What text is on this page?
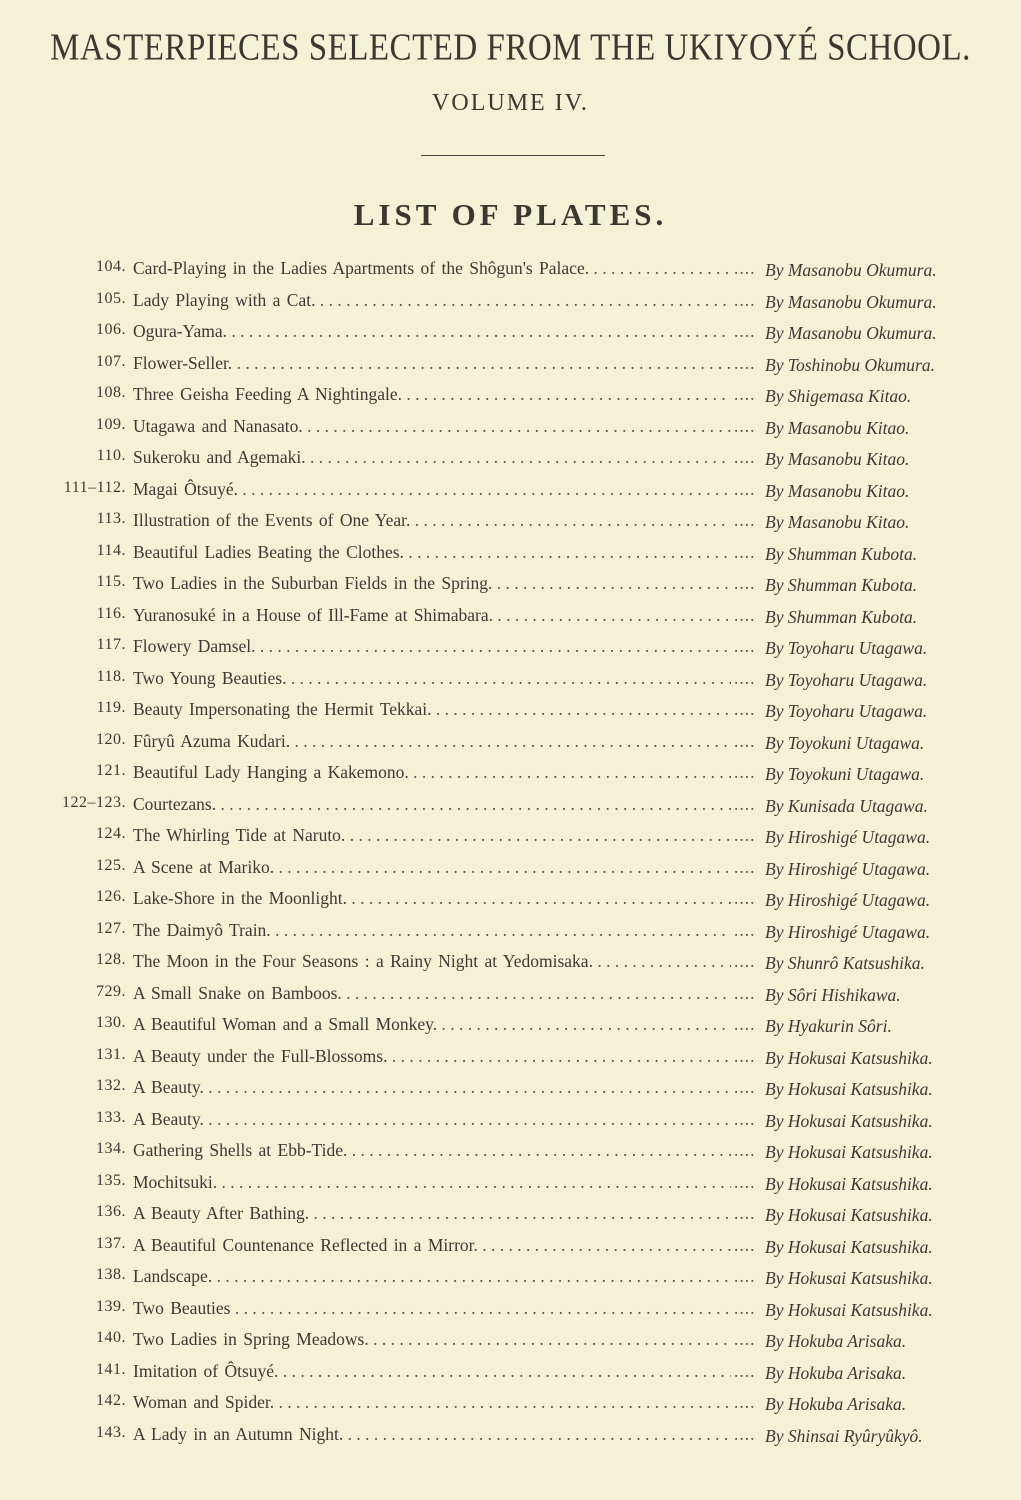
MASTERPIECES SELECTED FROM THE UKIYOYÉ SCHOOL.
VOLUME IV.
LIST OF PLATES.
104. Card-Playing in the Ladies Apartments of the Shôgun's Palace. . . .	.... By Masanobu Okumura.
105. Lady Playing with a Cat. . . .	.... By Masanobu Okumura.
106. Ogura-Yama. . . .	.... By Masanobu Okumura.
107. Flower-Seller. . . .	.... By Toshinobu Okumura.
108. Three Geisha Feeding A Nightingale. . . .	.... By Shigemasa Kitao.
109. Utagawa and Nanasato. . . .	.... By Masanobu Kitao.
110. Sukeroku and Agemaki. . . .	.... By Masanobu Kitao.
111–112. Magai Ôtsuyé. . . .	.... By Masanobu Kitao.
113. Illustration of the Events of One Year. . . .	.... By Masanobu Kitao.
114. Beautiful Ladies Beating the Clothes. . . .	.... By Shumman Kubota.
115. Two Ladies in the Suburban Fields in the Spring. . . .	.... By Shumman Kubota.
116. Yuranosuké in a House of Ill-Fame at Shimabara. . . .	.... By Shumman Kubota.
117. Flowery Damsel. . . .	.... By Toyoharu Utagawa.
118. Two Young Beauties. . . .	.... By Toyoharu Utagawa.
119. Beauty Impersonating the Hermit Tekkai. . . .	.... By Toyoharu Utagawa.
120. Fûryû Azuma Kudari. . . .	.... By Toyokuni Utagawa.
121. Beautiful Lady Hanging a Kakemono. . . .	.... By Toyokuni Utagawa.
122–123. Courtezans. . . .	.... By Kunisada Utagawa.
124. The Whirling Tide at Naruto. . . .	.... By Hiroshigé Utagawa.
125. A Scene at Mariko. . . .	.... By Hiroshigé Utagawa.
126. Lake-Shore in the Moonlight. . . .	.... By Hiroshigé Utagawa.
127. The Daimyô Train. . . .	.... By Hiroshigé Utagawa.
128. The Moon in the Four Seasons : a Rainy Night at Yedomisaka. . . .	.... By Shunrô Katsushika.
729. A Small Snake on Bamboos. . . .	.... By Sôri Hishikawa.
130. A Beautiful Woman and a Small Monkey. . . .	.... By Hyakurin Sôri.
131. A Beauty under the Full-Blossoms. . . .	.... By Hokusai Katsushika.
132. A Beauty. . . .	.... By Hokusai Katsushika.
133. A Beauty. . . .	.... By Hokusai Katsushika.
134. Gathering Shells at Ebb-Tide. . . .	.... By Hokusai Katsushika.
135. Mochitsuki. . . .	.... By Hokusai Katsushika.
136. A Beauty After Bathing. . . .	.... By Hokusai Katsushika.
137. A Beautiful Countenance Reflected in a Mirror. . . .	.... By Hokusai Katsushika.
138. Landscape. . . .	.... By Hokusai Katsushika.
139. Two Beauties . . .	.... By Hokusai Katsushika.
140. Two Ladies in Spring Meadows. . . .	.... By Hokuba Arisaka.
141. Imitation of Ôtsuyé. . . .	.... By Hokuba Arisaka.
142. Woman and Spider. . . .	.... By Hokuba Arisaka.
143. A Lady in an Autumn Night. . . .	.... By Shinsai Ryûryûkyô.
